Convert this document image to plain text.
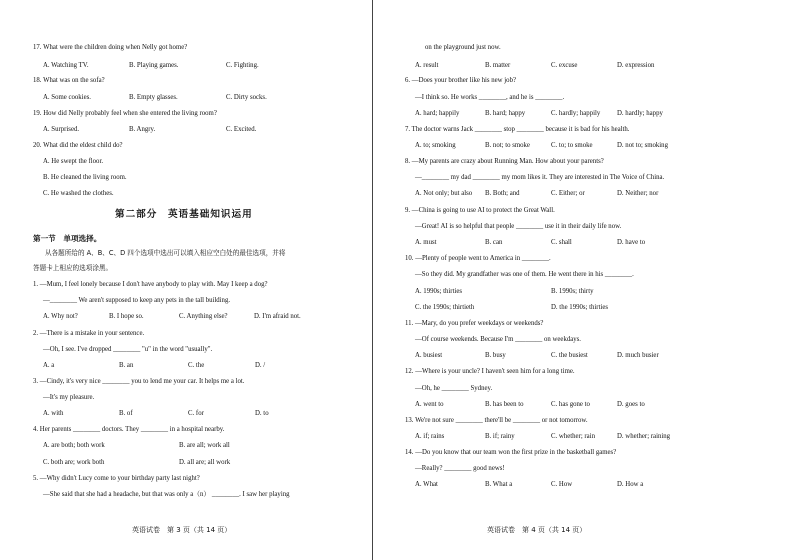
17. What were the children doing when Nelly got home?
A. Watching TV.	B. Playing games.	C. Fighting.
18. What was on the sofa?
A. Some cookies.	B. Empty glasses.	C. Dirty socks.
19. How did Nelly probably feel when she entered the living room?
A. Surprised.	B. Angry.	C. Excited.
20. What did the eldest child do?
A. He swept the floor.
B. He cleaned the living room.
C. He washed the clothes.
第二部分　英语基础知识运用
第一节　单项选择。
从各题所给的 A、B、C、D 四个选项中选出可以填入相应空白处的最佳选项，并将
答题卡上相应的选项涂黑。
1. —Mum, I feel lonely because I don't have anybody to play with. May I keep a dog?
—________ We aren't supposed to keep any pets in the tall building.
A. Why not?	B. I hope so.	C. Anything else?	D. I'm afraid not.
2. —There is a mistake in your sentence.
—Oh, I see. I've dropped ________ "u" in the word "usually".
A. a	B. an	C. the	D. /
3. —Cindy, it's very nice ________ you to lend me your car. It helps me a lot.
—It's my pleasure.
A. with	B. of	C. for	D. to
4. Her parents ________ doctors. They ________ in a hospital nearby.
A. are both; both work	B. are all; work all
C. both are; work both	D. all are; all work
5. —Why didn't Lucy come to your birthday party last night?
—She said that she had a headache, but that was only a（n） ________. I saw her playing
英语试卷　第 3 页（共 14 页）
on the playground just now.
A. result	B. matter	C. excuse	D. expression
6. —Does your brother like his new job?
—I think so. He works ________, and he is ________.
A. hard; happily	B. hard; happy	C. hardly; happily D. hardly; happy
7. The doctor warns Jack ________ stop ________ because it is bad for his health.
A. to; smoking	B. not; to smoke	C. to; to smoke	D. not to; smoking
8. —My parents are crazy about Running Man. How about your parents?
—________ my dad ________ my mom likes it. They are interested in The Voice of China.
A. Not only; but also B. Both; and	C. Either; or	D. Neither; nor
9. —China is going to use AI to protect the Great Wall.
—Great! AI is so helpful that people ________ use it in their daily life now.
A. must	B. can	C. shall	D. have to
10. —Plenty of people went to America in ________.
—So they did. My grandfather was one of them. He went there in his ________.
A. 1990s; thirties	B. 1990s; thirty
C. the 1990s; thirtieth	D. the 1990s; thirties
11. —Mary, do you prefer weekdays or weekends?
—Of course weekends. Because I'm ________ on weekdays.
A. busiest	B. busy	C. the busiest	D. much busier
12. —Where is your uncle? I haven't seen him for a long time.
—Oh, he ________ Sydney.
A. went to	B. has been to	C. has gone to	D. goes to
13. We're not sure ________ there'll be ________ or not tomorrow.
A. if; rains	B. if; rainy	C. whether; rain	D. whether; raining
14. —Do you know that our team won the first prize in the basketball games?
—Really? ________ good news!
A. What	B. What a	C. How	D. How a
英语试卷　第 4 页（共 14 页）
